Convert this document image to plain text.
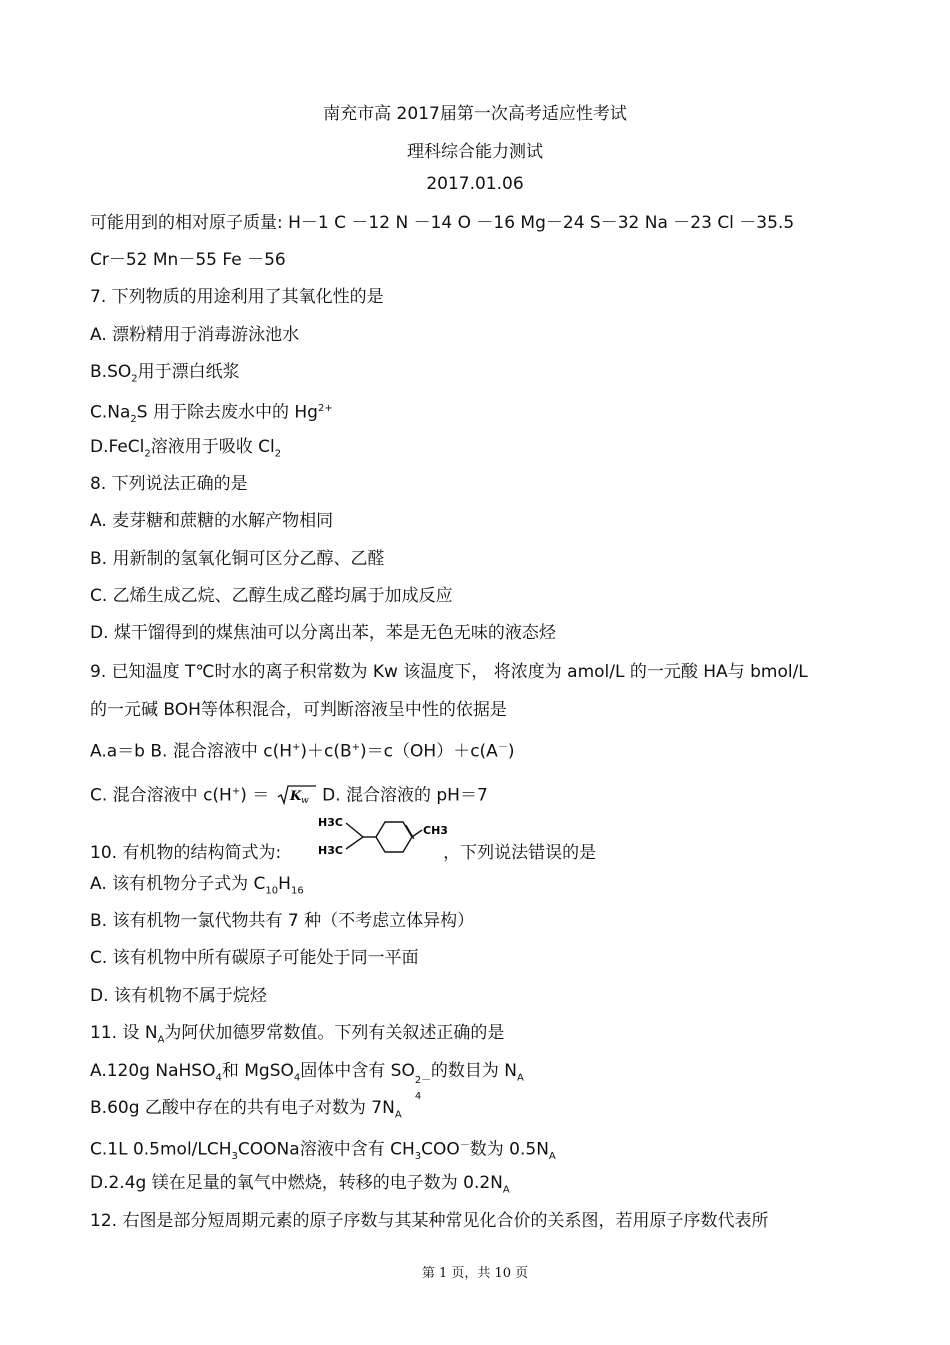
南充市高 2017届第一次高考适应性考试
理科综合能力测试
2017.01.06
可能用到的相对原子质量: H－1 C －12 N －14 O －16 Mg－24 S－32 Na －23 Cl －35.5
Cr－52 Mn－55 Fe －56
7. 下列物质的用途利用了其氧化性的是
A. 漂粉精用于消毒游泳池水
$B.SO_2$用于漂白纸浆
$C.Na_2S$ 用于除去废水中的 $Hg^{2+}$
D.FeCl$_2$溶液用于吸收 $Cl_2$
8. 下列说法正确的是
A. 麦芽糖和蔗糖的水解产物相同
B. 用新制的氢氧化铜可区分乙醇、乙醛
C. 乙烯生成乙烷、乙醇生成乙醛均属于加成反应
D. 煤干馏得到的煤焦油可以分离出苯，苯是无色无味的液态烃
9. 已知温度 T℃时水的离子积常数为 Kw 该温度下， 将浓度为 amol/L 的一元酸 HA与 bmol/L
的一元碱 BOH等体积混合，可判断溶液呈中性的依据是
A.a＝b B. 混合溶液中 c(H+)＋c(B+)＝c（OH）＋c(A－)
C. 混合溶液中 c(H+) ＝ K w D. 混合溶液的 pH＝7
10. 有机物的结构简式为:	，下列说法错误的是
H3C
H3C
CH3
A. 该有机物分子式为 $C_{10}H_{16}$
B. 该有机物一氯代物共有 7 种（不考虑立体异构）
C. 该有机物中所有碳原子可能处于同一平面
D. 该有机物不属于烷烃
11. 设 $N_A$为阿伏加德罗常数值。下列有关叙述正确的是
A.120g NaHSO$_4$和 MgSO$_4$固体中含有 SO 2－
4
的数目为 $N_A$
B.60g 乙酸中存在的共有电子对数为 $7N_A$
C.1L $0.5mol/LCH_3COONa$溶液中含有 $CH_3COO^-$数为 $0.5N_A$
D.2.4g 镁在足量的氧气中燃烧，转移的电子数为 $0.2N_A$
12. 右图是部分短周期元素的原子序数与其某种常见化合价的关系图，若用原子序数代表所
第 1 页，共 10 页
